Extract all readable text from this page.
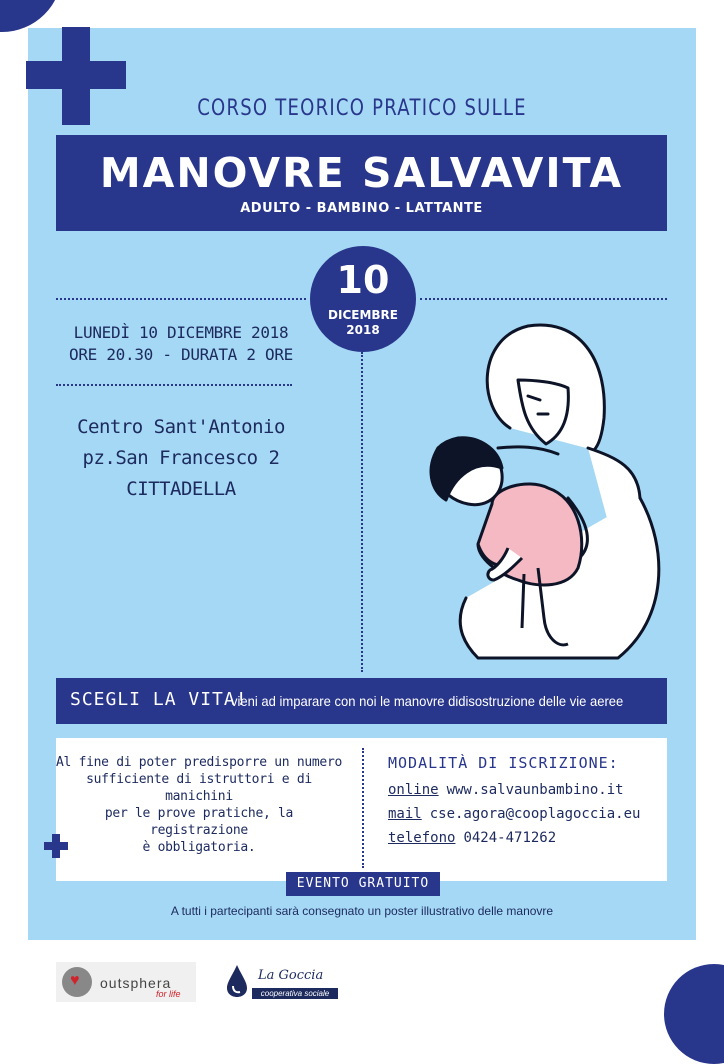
CORSO TEORICO PRATICO SULLE
MANOVRE SALVAVITA
ADULTO - BAMBINO - LATTANTE
10
DICEMBRE
2018
LUNEDÌ 10 DICEMBRE 2018
ORE 20.30 - DURATA 2 ORE
Centro Sant'Antonio
pz.San Francesco 2
CITTADELLA
SCEGLI LA VITA!
vieni ad imparare con noi le manovre didisostruzione delle vie aeree
Al fine di poter predisporre un numero
sufficiente di istruttori e di manichini
per le prove pratiche, la registrazione
è obbligatoria.
MODALITÀ DI ISCRIZIONE:
online www.salvaunbambino.it
mail cse.agora@cooplagoccia.eu
telefono 0424-471262
EVENTO GRATUITO
A tutti i partecipanti sarà consegnato un poster illustrativo delle manovre
♥ outsphera
for life
La Goccia
cooperativa sociale
